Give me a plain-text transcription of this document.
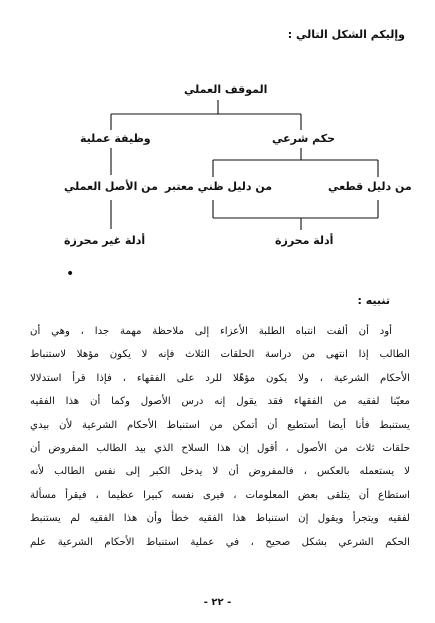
وإليكم الشكل التالي :
الموقف العملي
وظيفة عملية	حكم شرعي
من الأصل العملي من دليل ظني معتبر	من دليل قطعي
أدلة غير محرزة	أدلة محرزة
•
تنبيه :
أود أن ألفت انتباه الطلبة الأعزاء إلى ملاحظة مهمة جدا ، وهي أن
الطالب إذا انتهى من دراسة الحلقات الثلاث فإنه لا يكون مؤهلا لاستنباط
الأحكام الشرعية ، ولا يكون مؤهّلا للرد على الفقهاء ، فإذا قرأ استدلالا
معيّنا لفقيه من الفقهاء فقد يقول إنه درس الأصول وكما أن هذا الفقيه
يستنبط فأنا أيضا أستطيع أن أتمكن من استنباط الأحكام الشرعية لأن بيدي
حلقات ثلاث من الأصول ، أقول إن هذا السلاح الذي بيد الطالب المفروض أن
لا يستعمله بالعكس ، فالمفروض أن لا يدخل الكبر إلى نفس الطالب لأنه
استطاع أن يتلقى بعض المعلومات ، فيرى نفسه كبيرا عظيما ، فيقرأ مسألة
لفقيه ويتجرأ ويقول إن استنباط هذا الفقيه خطأ وأن هذا الفقيه لم يستنبط
الحكم الشرعي بشكل صحيح ، في عملية استنباط الأحكام الشرعية علم
- ٢٢ -
